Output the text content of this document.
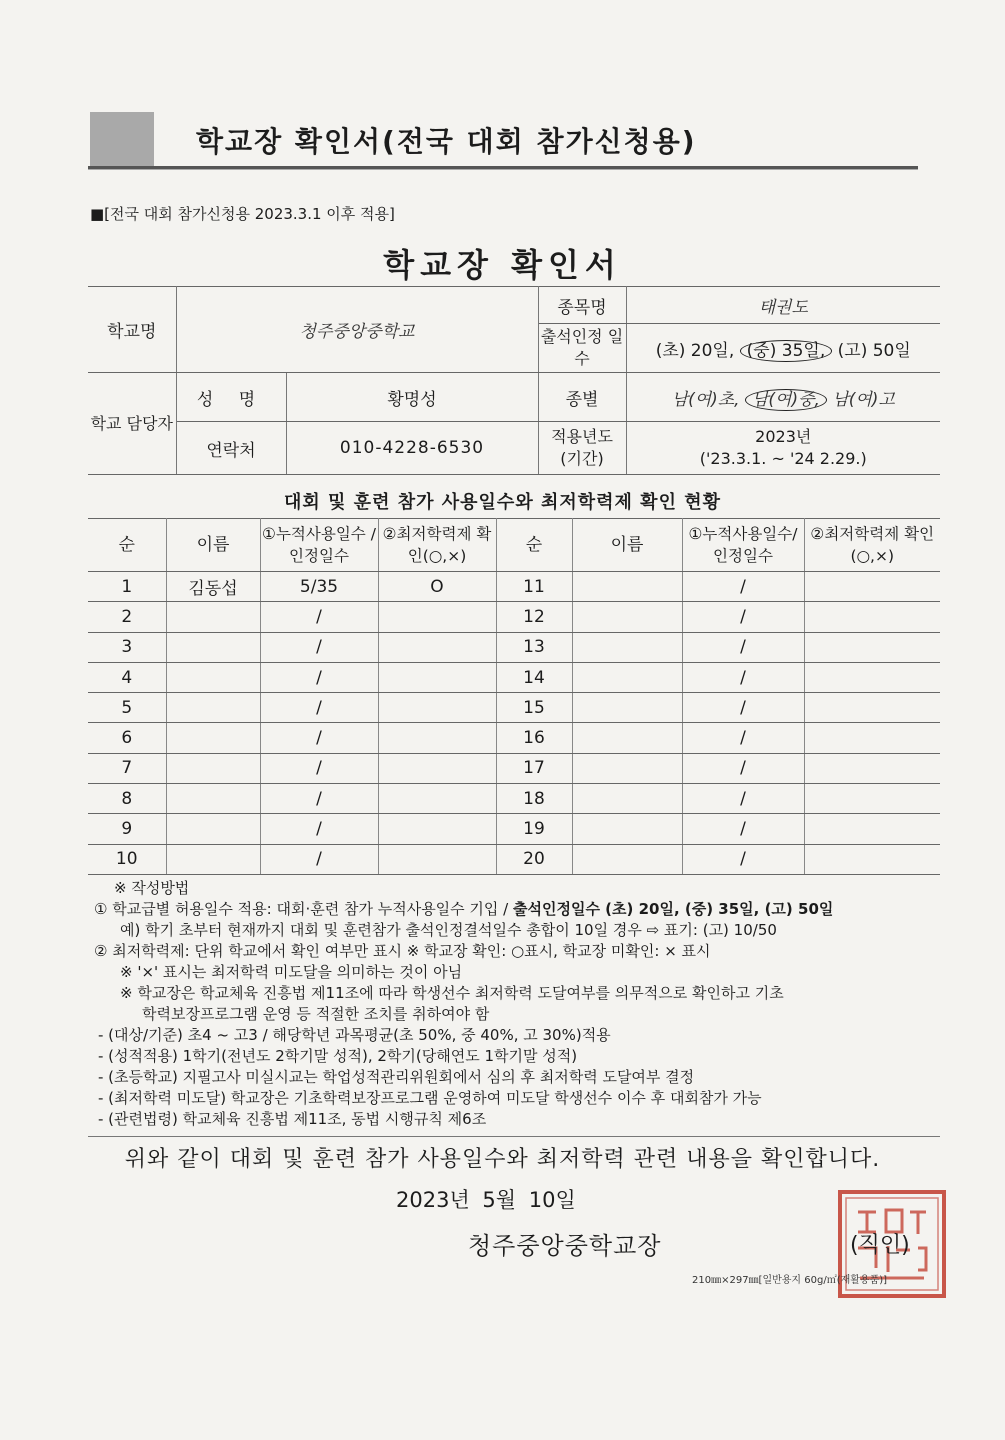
학교장 확인서(전국 대회 참가신청용)
■[전국 대회 참가신청용 2023.3.1 이후 적용]
학교장 확인서
학교명	청주중앙중학교		종목명	태권도
			출석인정 일수	(초) 20일, (중) 35일, (고) 50일
학교 담당자	성 명	황명성	종별	남(여)초, 남(여)중, 남(여)고
	연락처	010-4228-6530	적용년도 (기간)	2023년
('23.3.1. ~ '24 2.29.)
대회 및 훈련 참가 사용일수와 최저학력제 확인 현황
순	이름	①누적사용일수 /인정일수	②최저학력제 확인(○,×)	순	이름	①누적사용일수/ 인정일수	②최저학력제 확인(○,×)
1	김동섭	5/35	O	11		/	
2		/		12		/	
3		/		13		/	
4		/		14		/	
5		/		15		/	
6		/		16		/	
7		/		17		/	
8		/		18		/	
9		/		19		/	
10		/		20		/	

※ 작성방법

① 학교급별 허용일수 적용: 대회·훈련 참가 누적사용일수 기입 / 출석인정일수 (초) 20일, (중) 35일, (고) 50일

예) 학기 초부터 현재까지 대회 및 훈련참가 출석인정결석일수 총합이 10일 경우 ⇨ 표기: (고) 10/50

② 최저학력제: 단위 학교에서 확인 여부만 표시 ※ 학교장 확인: ○표시, 학교장 미확인: × 표시

※ '×' 표시는 최저학력 미도달을 의미하는 것이 아님

※ 학교장은 학교체육 진흥법 제11조에 따라 학생선수 최저학력 도달여부를 의무적으로 확인하고 기초

학력보장프로그램 운영 등 적절한 조치를 취하여야 함

- (대상/기준) 초4 ~ 고3 / 해당학년 과목평균(초 50%, 중 40%, 고 30%)적용

- (성적적용) 1학기(전년도 2학기말 성적), 2학기(당해연도 1학기말 성적)

- (초등학교) 지필고사 미실시교는 학업성적관리위원회에서 심의 후 최저학력 도달여부 결정

- (최저학력 미도달) 학교장은 기초학력보장프로그램 운영하여 미도달 학생선수 이수 후 대회참가 가능

- (관련법령) 학교체육 진흥법 제11조, 동법 시행규칙 제6조

위와 같이 대회 및 훈련 참가 사용일수와 최저학력 관련 내용을 확인합니다.
2023년 5월 10일
청주중앙중학교장	(직인)
210㎜×297㎜[일반용지 60g/㎡(재활용품)]
